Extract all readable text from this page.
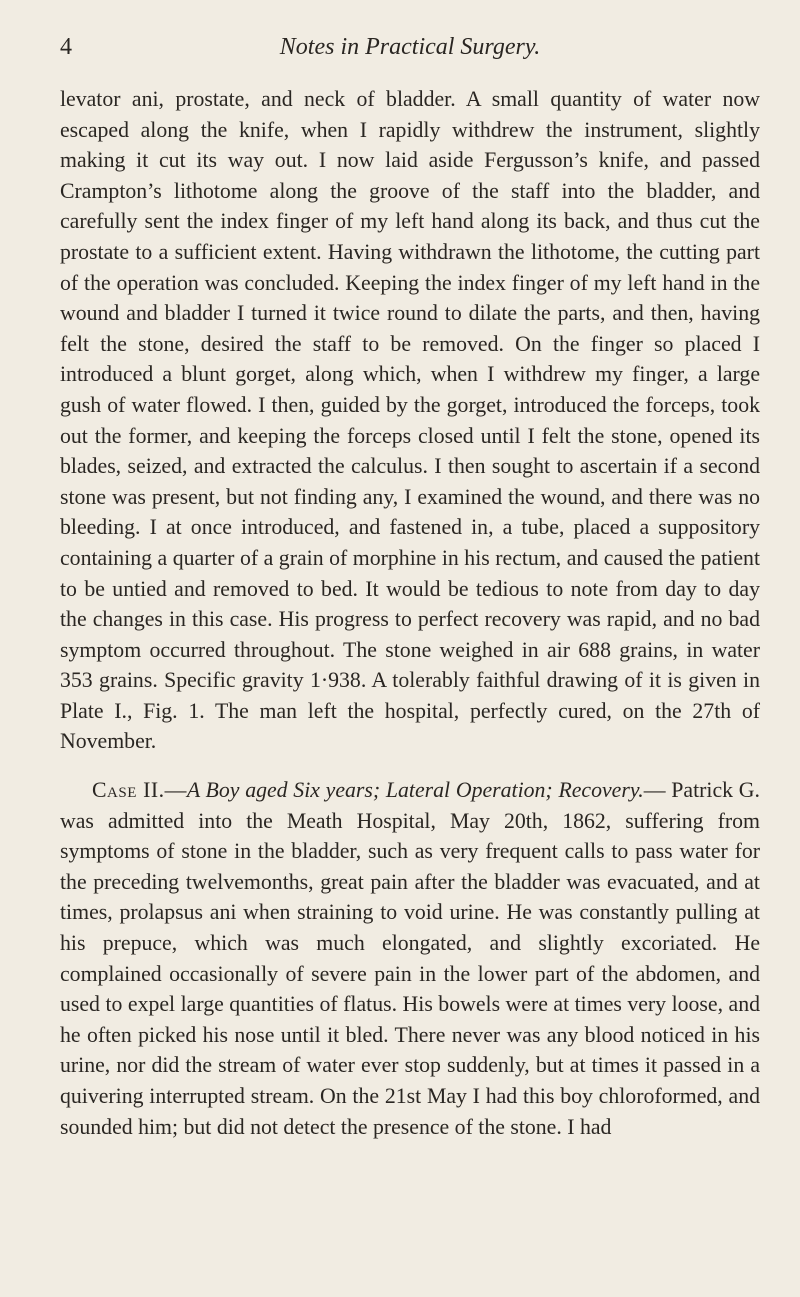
4	Notes in Practical Surgery.

levator ani, prostate, and neck of bladder. A small quantity of water now escaped along the knife, when I rapidly withdrew the instrument, slightly making it cut its way out. I now laid aside Fergusson’s knife, and passed Crampton’s lithotome along the groove of the staff into the bladder, and carefully sent the index finger of my left hand along its back, and thus cut the prostate to a sufficient extent. Having withdrawn the lithotome, the cutting part of the operation was concluded. Keeping the index finger of my left hand in the wound and bladder I turned it twice round to dilate the parts, and then, having felt the stone, desired the staff to be removed. On the finger so placed I introduced a blunt gorget, along which, when I withdrew my finger, a large gush of water flowed. I then, guided by the gorget, introduced the forceps, took out the former, and keeping the forceps closed until I felt the stone, opened its blades, seized, and extracted the calculus. I then sought to ascertain if a second stone was present, but not finding any, I examined the wound, and there was no bleeding. I at once introduced, and fastened in, a tube, placed a suppository containing a quarter of a grain of morphine in his rectum, and caused the patient to be untied and removed to bed. It would be tedious to note from day to day the changes in this case. His progress to perfect recovery was rapid, and no bad symptom occurred throughout. The stone weighed in air 688 grains, in water 353 grains. Specific gravity 1·938. A tolerably faithful drawing of it is given in Plate I., Fig. 1. The man left the hospital, perfectly cured, on the 27th of November.

Case II.—A Boy aged Six years; Lateral Operation; Recovery.— Patrick G. was admitted into the Meath Hospital, May 20th, 1862, suffering from symptoms of stone in the bladder, such as very frequent calls to pass water for the preceding twelvemonths, great pain after the bladder was evacuated, and at times, prolapsus ani when straining to void urine. He was constantly pulling at his prepuce, which was much elongated, and slightly excoriated. He complained occasionally of severe pain in the lower part of the abdomen, and used to expel large quantities of flatus. His bowels were at times very loose, and he often picked his nose until it bled. There never was any blood noticed in his urine, nor did the stream of water ever stop suddenly, but at times it passed in a quivering interrupted stream. On the 21st May I had this boy chloroformed, and sounded him; but did not detect the presence of the stone. I had
